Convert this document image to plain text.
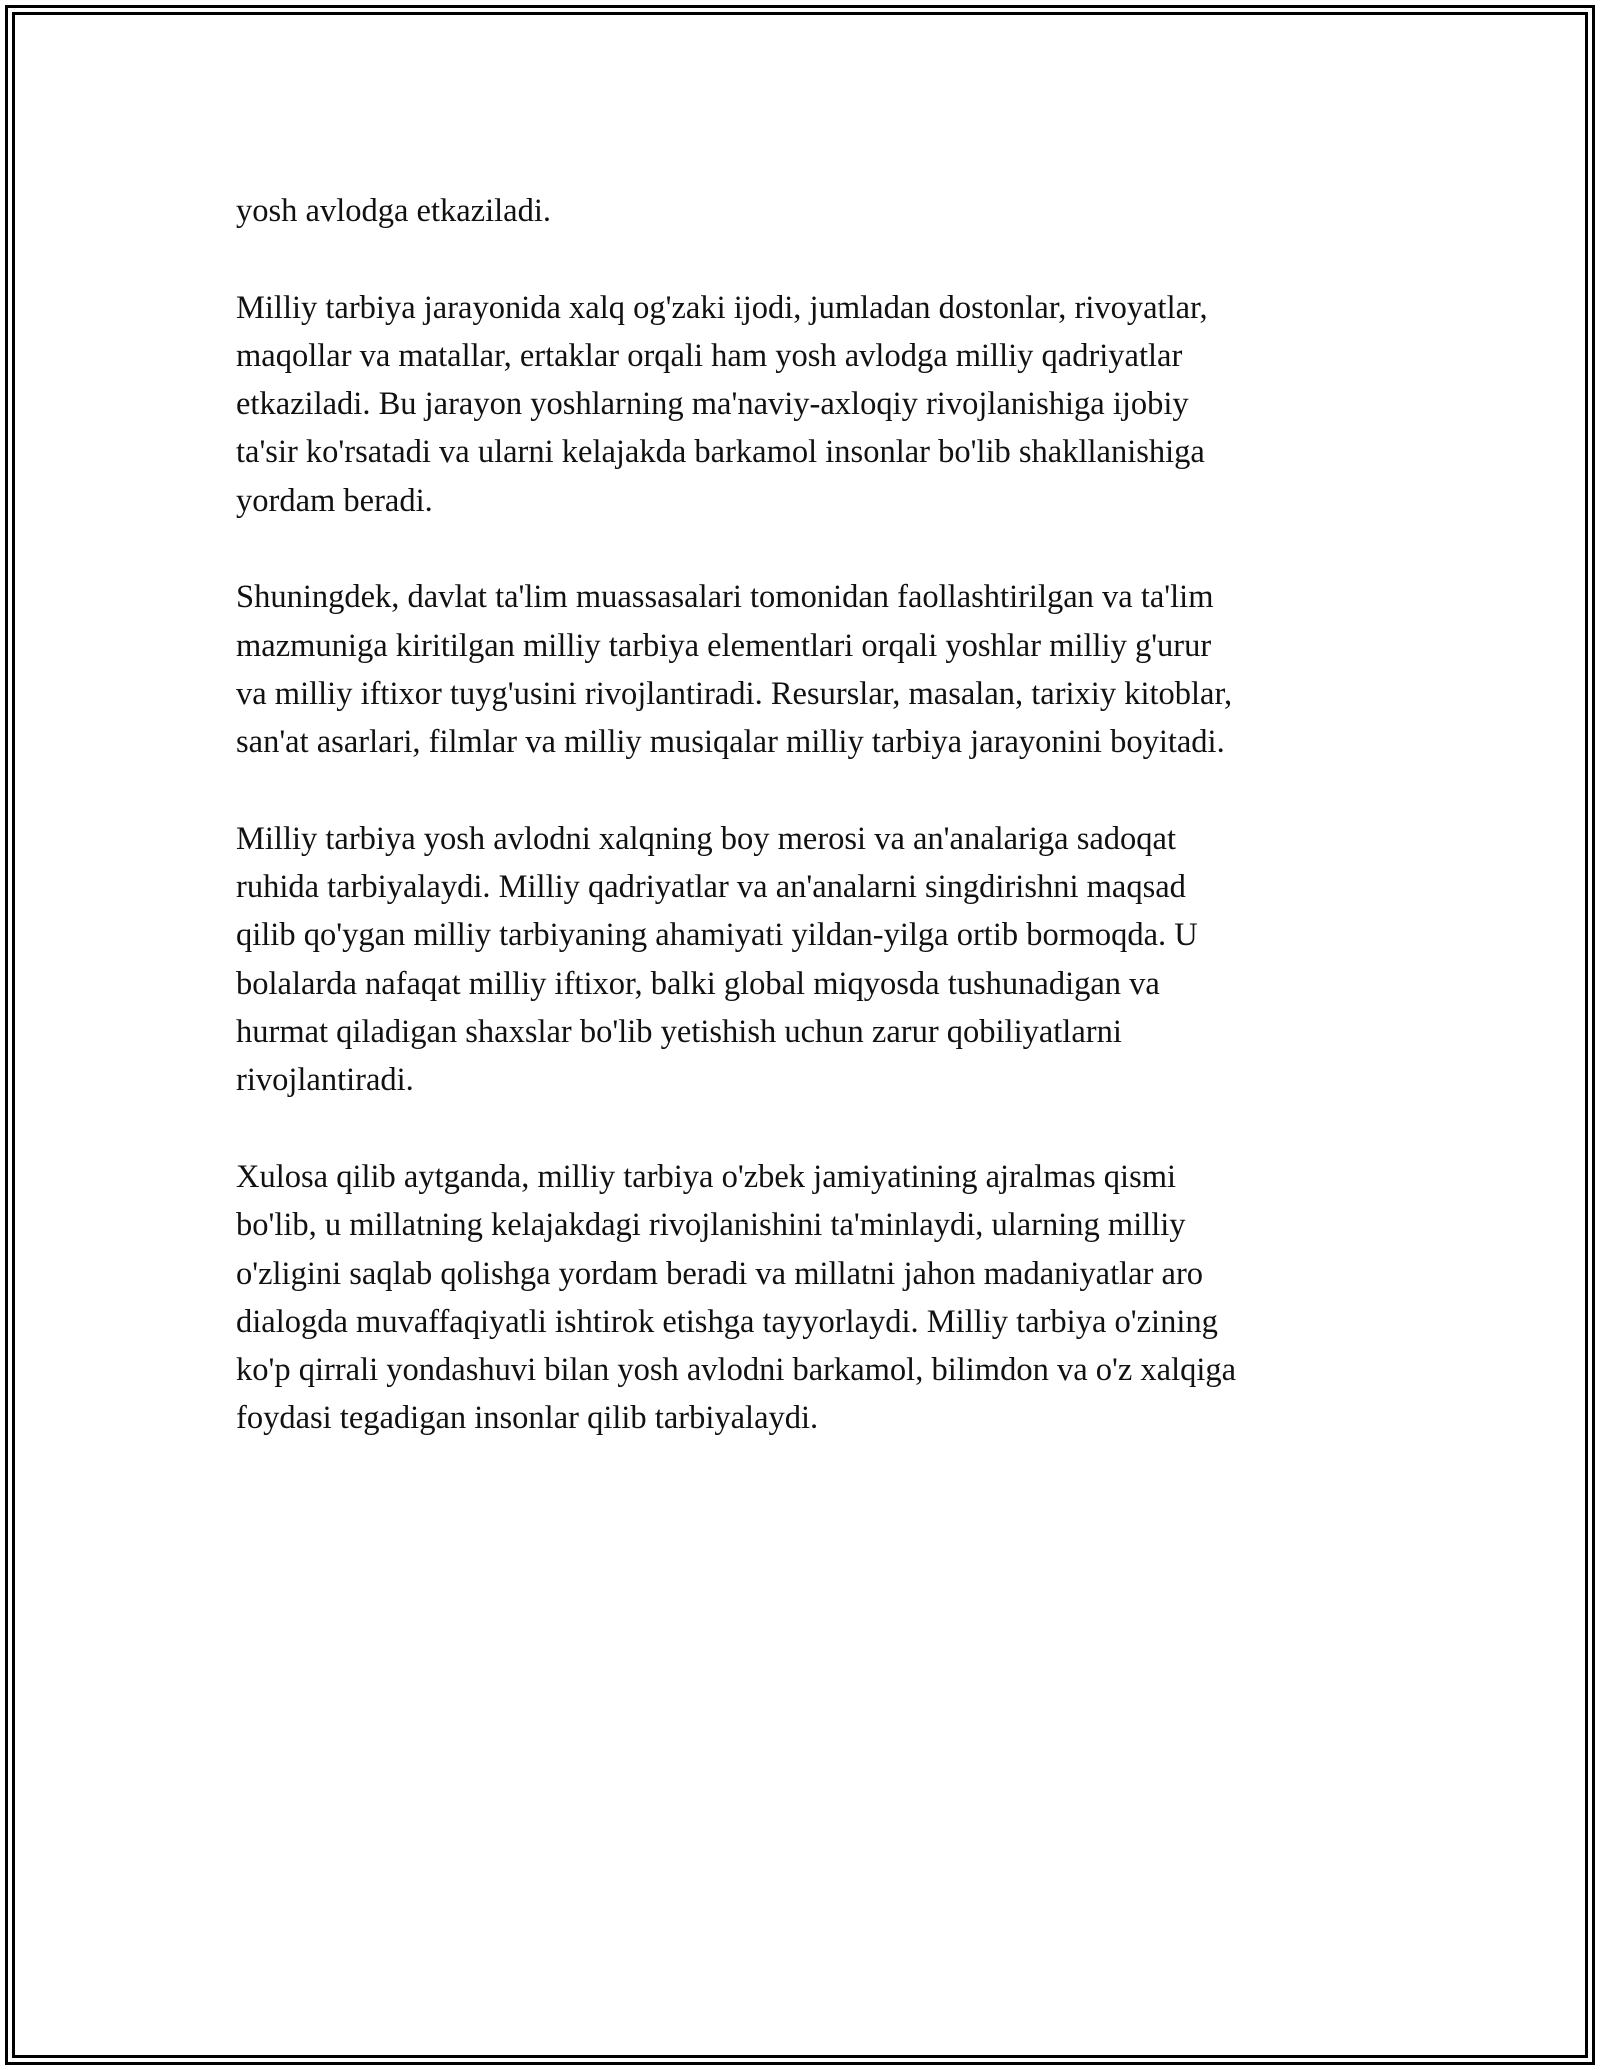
yosh avlodga etkaziladi.

Milliy tarbiya jarayonida xalq og'zaki ijodi, jumladan dostonlar, rivoyatlar,
maqollar va matallar, ertaklar orqali ham yosh avlodga milliy qadriyatlar
etkaziladi. Bu jarayon yoshlarning ma'naviy-axloqiy rivojlanishiga ijobiy
ta'sir ko'rsatadi va ularni kelajakda barkamol insonlar bo'lib shakllanishiga
yordam beradi.

Shuningdek, davlat ta'lim muassasalari tomonidan faollashtirilgan va ta'lim
mazmuniga kiritilgan milliy tarbiya elementlari orqali yoshlar milliy g'urur
va milliy iftixor tuyg'usini rivojlantiradi. Resurslar, masalan, tarixiy kitoblar,
san'at asarlari, filmlar va milliy musiqalar milliy tarbiya jarayonini boyitadi.

Milliy tarbiya yosh avlodni xalqning boy merosi va an'analariga sadoqat
ruhida tarbiyalaydi. Milliy qadriyatlar va an'analarni singdirishni maqsad
qilib qo'ygan milliy tarbiyaning ahamiyati yildan-yilga ortib bormoqda. U
bolalarda nafaqat milliy iftixor, balki global miqyosda tushunadigan va
hurmat qiladigan shaxslar bo'lib yetishish uchun zarur qobiliyatlarni
rivojlantiradi.

Xulosa qilib aytganda, milliy tarbiya o'zbek jamiyatining ajralmas qismi
bo'lib, u millatning kelajakdagi rivojlanishini ta'minlaydi, ularning milliy
o'zligini saqlab qolishga yordam beradi va millatni jahon madaniyatlar aro
dialogda muvaffaqiyatli ishtirok etishga tayyorlaydi. Milliy tarbiya o'zining
ko'p qirrali yondashuvi bilan yosh avlodni barkamol, bilimdon va o'z xalqiga
foydasi tegadigan insonlar qilib tarbiyalaydi.
